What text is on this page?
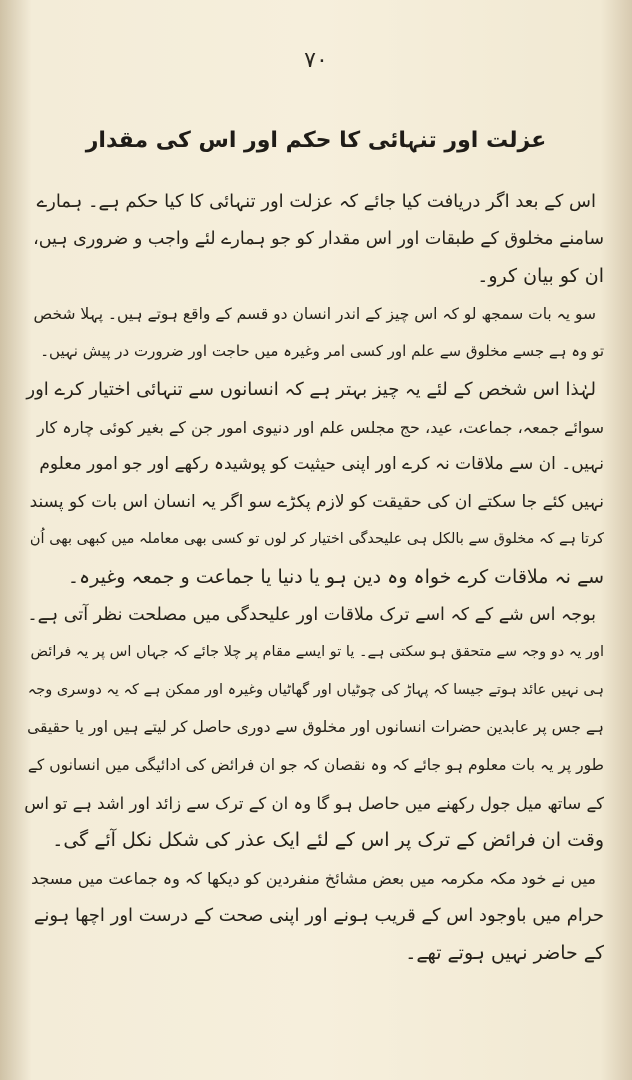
۷۰
عزلت اور تنہائی کا حکم اور اس کی مقدار
اس کے بعد اگر دریافت کیا جائے کہ عزلت اور تنہائی کا کیا حکم ہے۔ ہمارے
سامنے مخلوق کے طبقات اور اس مقدار کو جو ہمارے لئے واجب و ضروری ہیں،
ان کو بیان کرو۔
سو یہ بات سمجھ لو کہ اس چیز کے اندر انسان دو قسم کے واقع ہوتے ہیں۔ پہلا شخص
تو وہ ہے جسے مخلوق سے علم اور کسی امر وغیرہ میں حاجت اور ضرورت در پیش نہیں۔
لہٰذا اس شخص کے لئے یہ چیز بہتر ہے کہ انسانوں سے تنہائی اختیار کرے اور
سوائے جمعہ، جماعت، عید، حج مجلس علم اور دنیوی امور جن کے بغیر کوئی چارہ کار
نہیں۔ ان سے ملاقات نہ کرے اور اپنی حیثیت کو پوشیدہ رکھے اور جو امور معلوم
نہیں کئے جا سکتے ان کی حقیقت کو لازم پکڑے سو اگر یہ انسان اس بات کو پسند
کرتا ہے کہ مخلوق سے بالکل ہی علیحدگی اختیار کر لوں تو کسی بھی معاملہ میں کبھی بھی اُن
سے نہ ملاقات کرے خواہ وہ دین ہو یا دنیا یا جماعت و جمعہ وغیرہ۔
بوجہ اس شے کے کہ اسے ترک ملاقات اور علیحدگی میں مصلحت نظر آتی ہے۔
اور یہ دو وجہ سے متحقق ہو سکتی ہے۔ یا تو ایسے مقام پر چلا جائے کہ جہاں اس پر یہ فرائض
ہی نہیں عائد ہوتے جیسا کہ پہاڑ کی چوٹیاں اور گھاٹیاں وغیرہ اور ممکن ہے کہ یہ دوسری وجہ
ہے جس پر عابدین حضرات انسانوں اور مخلوق سے دوری حاصل کر لیتے ہیں اور یا حقیقی
طور پر یہ بات معلوم ہو جائے کہ وہ نقصان کہ جو ان فرائض کی ادائیگی میں انسانوں کے
کے ساتھ میل جول رکھنے میں حاصل ہو گا وہ ان کے ترک سے زائد اور اشد ہے تو اس
وقت ان فرائض کے ترک پر اس کے لئے ایک عذر کی شکل نکل آئے گی۔
میں نے خود مکہ مکرمہ میں بعض مشائخ منفردین کو دیکھا کہ وہ جماعت میں مسجد
حرام میں باوجود اس کے قریب ہونے اور اپنی صحت کے درست اور اچھا ہونے
کے حاضر نہیں ہوتے تھے۔
